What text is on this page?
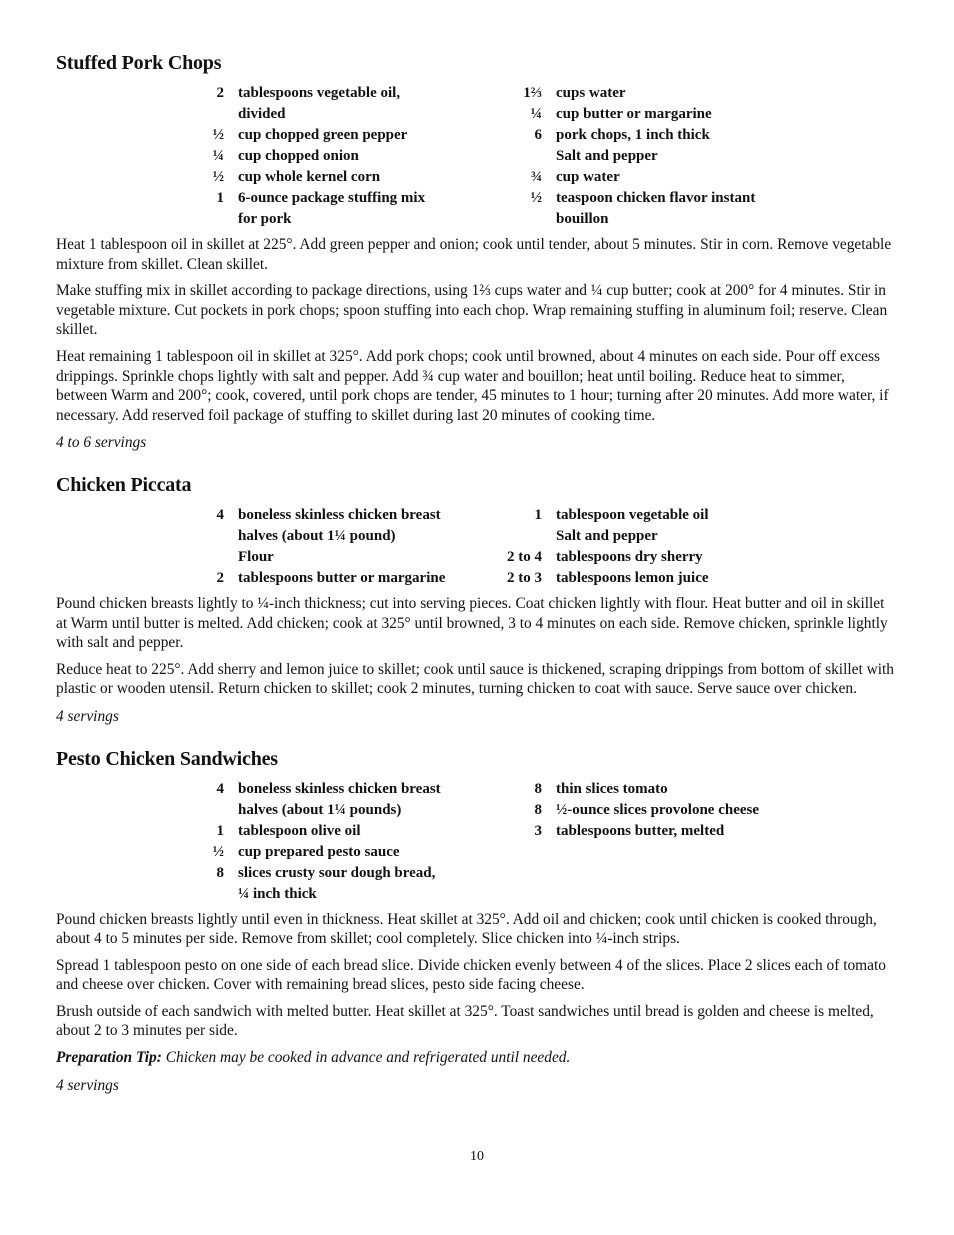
Stuffed Pork Chops
2 tablespoons vegetable oil,
divided
½ cup chopped green pepper
¼ cup chopped onion
½ cup whole kernel corn
1 6-ounce package stuffing mix
for pork
1⅔ cups water
¼ cup butter or margarine
6 pork chops, 1 inch thick
Salt and pepper
¾ cup water
½ teaspoon chicken flavor instant
bouillon

Heat 1 tablespoon oil in skillet at 225°. Add green pepper and onion; cook until tender, about 5 minutes. Stir in corn. Remove vegetable mixture from skillet. Clean skillet.

Make stuffing mix in skillet according to package directions, using 1⅔ cups water and ¼ cup butter; cook at 200° for 4 minutes. Stir in vegetable mixture. Cut pockets in pork chops; spoon stuffing into each chop. Wrap remaining stuffing in aluminum foil; reserve. Clean skillet.

Heat remaining 1 tablespoon oil in skillet at 325°. Add pork chops; cook until browned, about 4 minutes on each side. Pour off excess drippings. Sprinkle chops lightly with salt and pepper. Add ¾ cup water and bouillon; heat until boiling. Reduce heat to simmer, between Warm and 200°; cook, covered, until pork chops are tender, 45 minutes to 1 hour; turning after 20 minutes. Add more water, if necessary. Add reserved foil package of stuffing to skillet during last 20 minutes of cooking time.

4 to 6 servings

Chicken Piccata
4 boneless skinless chicken breast
halves (about 1¼ pound)
Flour
2 tablespoons butter or margarine
1 tablespoon vegetable oil
Salt and pepper
2 to 4 tablespoons dry sherry
2 to 3 tablespoons lemon juice

Pound chicken breasts lightly to ¼-inch thickness; cut into serving pieces. Coat chicken lightly with flour. Heat butter and oil in skillet at Warm until butter is melted. Add chicken; cook at 325° until browned, 3 to 4 minutes on each side. Remove chicken, sprinkle lightly with salt and pepper.

Reduce heat to 225°. Add sherry and lemon juice to skillet; cook until sauce is thickened, scraping drippings from bottom of skillet with plastic or wooden utensil. Return chicken to skillet; cook 2 minutes, turning chicken to coat with sauce. Serve sauce over chicken.

4 servings

Pesto Chicken Sandwiches
4 boneless skinless chicken breast
halves (about 1¼ pounds)
1 tablespoon olive oil
½ cup prepared pesto sauce
8 slices crusty sour dough bread,
¼ inch thick
8 thin slices tomato
8 ½-ounce slices provolone cheese
3 tablespoons butter, melted

Pound chicken breasts lightly until even in thickness. Heat skillet at 325°. Add oil and chicken; cook until chicken is cooked through, about 4 to 5 minutes per side. Remove from skillet; cool completely. Slice chicken into ¼-inch strips.

Spread 1 tablespoon pesto on one side of each bread slice. Divide chicken evenly between 4 of the slices. Place 2 slices each of tomato and cheese over chicken. Cover with remaining bread slices, pesto side facing cheese.

Brush outside of each sandwich with melted butter. Heat skillet at 325°. Toast sandwiches until bread is golden and cheese is melted, about 2 to 3 minutes per side.

Preparation Tip: Chicken may be cooked in advance and refrigerated until needed.

4 servings

10
